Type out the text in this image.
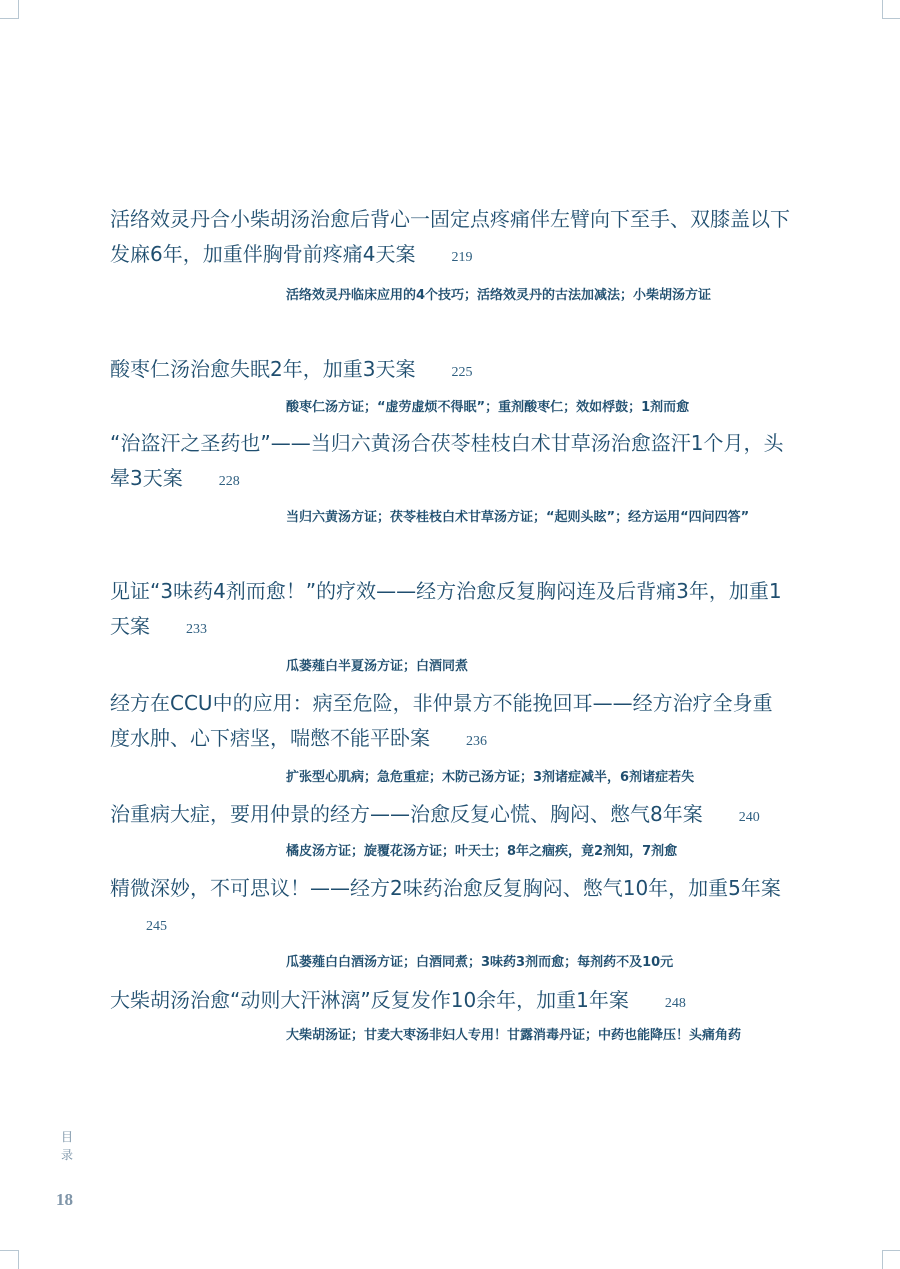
活络效灵丹合小柴胡汤治愈后背心一固定点疼痛伴左臂向下至手、双膝盖以下发麻6年，加重伴胸骨前疼痛4天案	219
活络效灵丹临床应用的4个技巧；活络效灵丹的古法加减法；小柴胡汤方证
酸枣仁汤治愈失眠2年，加重3天案	225
酸枣仁汤方证；“虚劳虚烦不得眠”；重剂酸枣仁；效如桴鼓；1剂而愈
“治盗汗之圣药也”——当归六黄汤合茯苓桂枝白术甘草汤治愈盗汗1个月，头晕3天案	228
当归六黄汤方证；茯苓桂枝白术甘草汤方证；“起则头眩”；经方运用“四问四答”
见证“3味药4剂而愈！”的疗效——经方治愈反复胸闷连及后背痛3年，加重1天案	233
瓜蒌薤白半夏汤方证；白酒同煮
经方在CCU中的应用：病至危险，非仲景方不能挽回耳——经方治疗全身重度水肿、心下痞坚，喘憋不能平卧案	236
扩张型心肌病；急危重症；木防己汤方证；3剂诸症减半，6剂诸症若失
治重病大症，要用仲景的经方——治愈反复心慌、胸闷、憋气8年案	240
橘皮汤方证；旋覆花汤方证；叶天士；8年之痼疾，竟2剂知，7剂愈
精微深妙，不可思议！——经方2味药治愈反复胸闷、憋气10年，加重5年案245
瓜蒌薤白白酒汤方证；白酒同煮；3味药3剂而愈；每剂药不及10元
大柴胡汤治愈“动则大汗淋漓”反复发作10余年，加重1年案	248
大柴胡汤证；甘麦大枣汤非妇人专用！甘露消毒丹证；中药也能降压！头痛角药
目录
18
